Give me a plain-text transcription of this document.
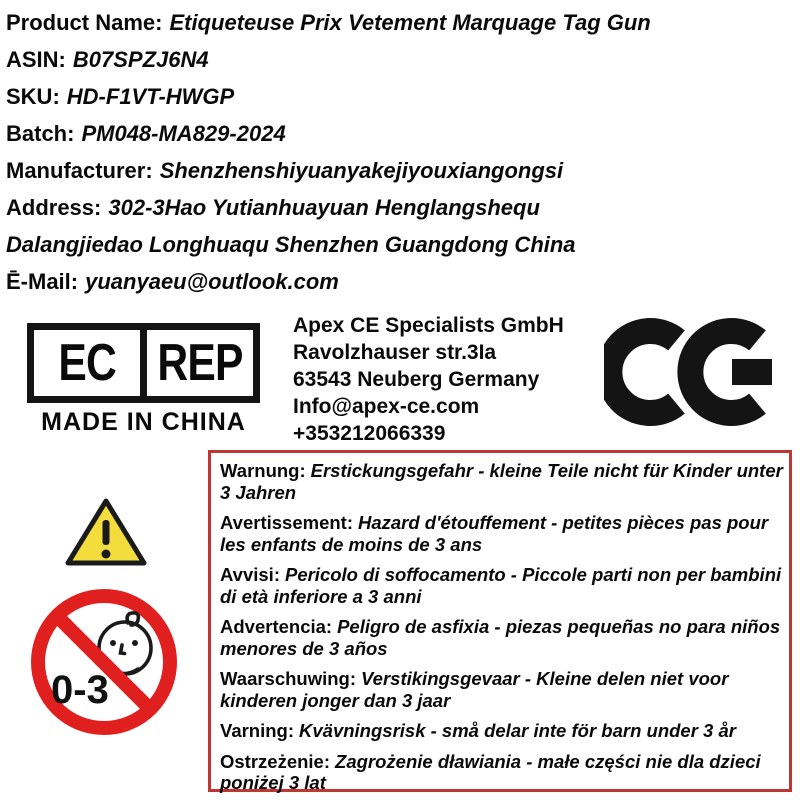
Product Name: Etiqueteuse Prix Vetement Marquage Tag Gun
ASIN: B07SPZJ6N4
SKU: HD-F1VT-HWGP
Batch: PM048-MA829-2024
Manufacturer: Shenzhenshiyuanyakejiyouxiangongsi
Address: 302-3Hao Yutianhuayuan Henglangshequ
Dalangjiedao Longhuaqu Shenzhen Guangdong China
Ē-Mail: yuanyaeu@outlook.com
EC REP
MADE IN CHINA
Apex CE Specialists GmbH
Ravolzhauser str.3Ia
63543 Neuberg Germany
Info@apex-ce.com
+353212066339
0-3
Warnung: Erstickungsgefahr - kleine Teile nicht für Kinder unter 3 Jahren
Avertissement: Hazard d'étouffement - petites pièces pas pour les enfants de moins de 3 ans
Avvisi: Pericolo di soffocamento - Piccole parti non per bambini di età inferiore a 3 anni
Advertencia: Peligro de asfixia - piezas pequeñas no para niños menores de 3 años
Waarschuwing: Verstikingsgevaar - Kleine delen niet voor kinderen jonger dan 3 jaar
Varning: Kvävningsrisk - små delar inte för barn under 3 år
Ostrzeżenie: Zagrożenie dławiania - małe części nie dla dzieci poniżej 3 lat
